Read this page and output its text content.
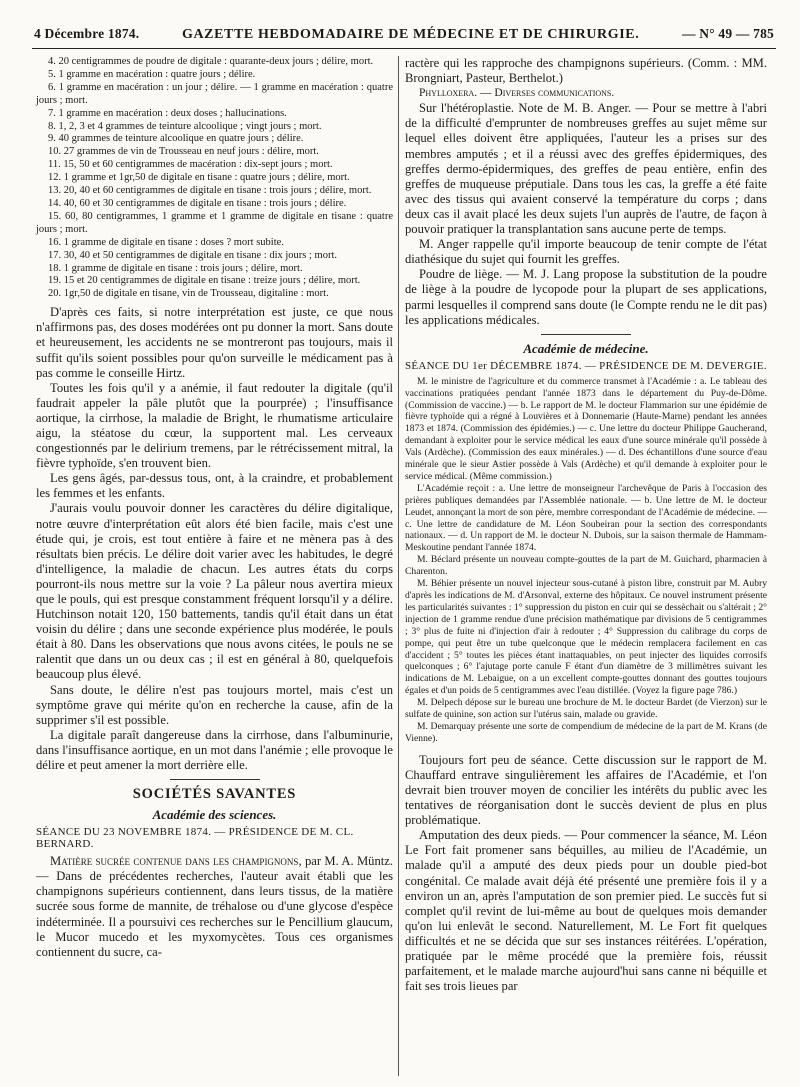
4 Décembre 1874.	GAZETTE HEBDOMADAIRE DE MÉDECINE ET DE CHIRURGIE.	— N° 49 — 785

4. 20 centigrammes de poudre de digitale : quarante-deux jours ; délire, mort.

5. 1 gramme en macération : quatre jours ; délire.

6. 1 gramme en macération : un jour ; délire. — 1 gramme en macération : quatre jours ; mort.

7. 1 gramme en macération : deux doses ; hallucinations.

8. 1, 2, 3 et 4 grammes de teinture alcoolique ; vingt jours ; mort.

9. 40 grammes de teinture alcoolique en quatre jours ; délire.

10. 27 grammes de vin de Trousseau en neuf jours : délire, mort.

11. 15, 50 et 60 centigrammes de macération : dix-sept jours ; mort.

12. 1 gramme et 1gr,50 de digitale en tisane : quatre jours ; délire, mort.

13. 20, 40 et 60 centigrammes de digitale en tisane : trois jours ; délire, mort.

14. 40, 60 et 30 centigrammes de digitale en tisane : trois jours ; délire.

15. 60, 80 centigrammes, 1 gramme et 1 gramme de digitale en tisane : quatre jours ; mort.

16. 1 gramme de digitale en tisane : doses ? mort subite.

17. 30, 40 et 50 centigrammes de digitale en tisane : dix jours ; mort.

18. 1 gramme de digitale en tisane : trois jours ; délire, mort.

19. 15 et 20 centigrammes de digitale en tisane : treize jours ; délire, mort.

20. 1gr,50 de digitale en tisane, vin de Trousseau, digitaline : mort.

D'après ces faits, si notre interprétation est juste, ce que nous n'affirmons pas, des doses modérées ont pu donner la mort. Sans doute et heureusement, les accidents ne se montreront pas toujours, mais il suffit qu'ils soient possibles pour qu'on surveille le médicament pas à pas comme le conseille Hirtz.

Toutes les fois qu'il y a anémie, il faut redouter la digitale (qu'il faudrait appeler la pâle plutôt que la pourprée) ; l'insuffisance aortique, la cirrhose, la maladie de Bright, le rhumatisme articulaire aigu, la stéatose du cœur, la supportent mal. Les cerveaux congestionnés par le delirium tremens, par le rétrécissement mitral, la fièvre typhoïde, s'en trouvent bien.

Les gens âgés, par-dessus tous, ont, à la craindre, et probablement les femmes et les enfants.

J'aurais voulu pouvoir donner les caractères du délire digitalique, notre œuvre d'interprétation eût alors été bien facile, mais c'est une étude qui, je crois, est tout entière à faire et ne mènera pas à des résultats bien précis. Le délire doit varier avec les habitudes, le degré d'intelligence, la maladie de chacun. Les autres états du corps pourront-ils nous mettre sur la voie ? La pâleur nous avertira mieux que le pouls, qui est presque constamment fréquent lorsqu'il y a délire. Hutchinson notait 120, 150 battements, tandis qu'il était dans un état voisin du délire ; dans une seconde expérience plus modérée, le pouls était à 80. Dans les observations que nous avons citées, le pouls ne se ralentit que dans un ou deux cas ; il est en général à 80, quelquefois beaucoup plus élevé.

Sans doute, le délire n'est pas toujours mortel, mais c'est un symptôme grave qui mérite qu'on en recherche la cause, afin de la supprimer s'il est possible.

La digitale paraît dangereuse dans la cirrhose, dans l'albuminurie, dans l'insuffisance aortique, en un mot dans l'anémie ; elle provoque le délire et peut amener la mort derrière elle.

SOCIÉTÉS SAVANTES
Académie des sciences.
SÉANCE DU 23 NOVEMBRE 1874. — PRÉSIDENCE DE M. CL. BERNARD.

Matière sucrée contenue dans les champignons, par M. A. Müntz. — Dans de précédentes recherches, l'auteur avait établi que les champignons supérieurs contiennent, dans leurs tissus, de la matière sucrée sous forme de mannite, de tréhalose ou d'une glycose d'espèce indéterminée. Il a poursuivi ces recherches sur le Pencillium glaucum, le Mucor mucedo et les myxomycètes. Tous ces organismes contiennent du sucre, ca-

ractère qui les rapproche des champignons supérieurs. (Comm. : MM. Brongniart, Pasteur, Berthelot.)

Phylloxera. — Diverses communications.

Sur l'hétéroplastie. Note de M. B. Anger. — Pour se mettre à l'abri de la difficulté d'emprunter de nombreuses greffes au sujet même sur lequel elles doivent être appliquées, l'auteur les a prises sur des membres amputés ; et il a réussi avec des greffes épidermiques, des greffes dermo-épidermiques, des greffes de peau entière, enfin des greffes de muqueuse préputiale. Dans tous les cas, la greffe a été faite avec des tissus qui avaient conservé la température du corps ; dans deux cas il avait placé les deux sujets l'un auprès de l'autre, de façon à pouvoir pratiquer la transplantation sans aucune perte de temps.

M. Anger rappelle qu'il importe beaucoup de tenir compte de l'état diathésique du sujet qui fournit les greffes.

Poudre de liège. — M. J. Lang propose la substitution de la poudre de liège à la poudre de lycopode pour la plupart de ses applications, parmi lesquelles il comprend sans doute (le Compte rendu ne le dit pas) les applications médicales.

Académie de médecine.
SÉANCE DU 1er DÉCEMBRE 1874. — PRÉSIDENCE DE M. DEVERGIE.

M. le ministre de l'agriculture et du commerce transmet à l'Académie : a. Le tableau des vaccinations pratiquées pendant l'année 1873 dans le département du Puy-de-Dôme. (Commission de vaccine.) — b. Le rapport de M. le docteur Flammarion sur une épidémie de fièvre typhoïde qui a régné à Louvières et à Donnemarie (Haute-Marne) pendant les années 1873 et 1874. (Commission des épidémies.) — c. Une lettre du docteur Philippe Gaucherand, demandant à exploiter pour le service médical les eaux d'une source minérale qu'il possède à Vals (Ardèche). (Commission des eaux minérales.) — d. Des échantillons d'une source d'eau minérale que le sieur Astier possède à Vals (Ardèche) et qu'il demande à exploiter pour le service médical. (Même commission.)

L'Académie reçoit : a. Une lettre de monseigneur l'archevêque de Paris à l'occasion des prières publiques demandées par l'Assemblée nationale. — b. Une lettre de M. le docteur Leudet, annonçant la mort de son père, membre correspondant de l'Académie de médecine. — c. Une lettre de candidature de M. Léon Soubeiran pour la section des correspondants nationaux. — d. Un rapport de M. le docteur N. Dubois, sur la saison thermale de Hammam-Meskoutine pendant l'année 1874.

M. Béclard présente un nouveau compte-gouttes de la part de M. Guichard, pharmacien à Charenton.

M. Béhier présente un nouvel injecteur sous-cutané à piston libre, construit par M. Aubry d'après les indications de M. d'Arsonval, externe des hôpitaux. Ce nouvel instrument présente les particularités suivantes : 1° suppression du piston en cuir qui se dessèchait ou s'altérait ; 2° injection de 1 gramme rendue d'une précision mathématique par divisions de 5 centigrammes ; 3° plus de fuite ni d'injection d'air à redouter ; 4° Suppression du calibrage du corps de pompe, qui peut être un tube quelconque que le médecin remplacera facilement en cas d'accident ; 5° toutes les pièces étant inattaquables, on peut injecter des liquides corrosifs quelconques ; 6° l'ajutage porte canule F étant d'un diamètre de 3 millimètres suivant les indications de M. Lebaigue, on a un excellent compte-gouttes donnant des gouttes toujours égales et d'un poids de 5 centigrammes avec l'eau distillée. (Voyez la figure page 786.)

M. Delpech dépose sur le bureau une brochure de M. le docteur Bardet (de Vierzon) sur le sulfate de quinine, son action sur l'utérus sain, malade ou gravide.

M. Demarquay présente une sorte de compendium de médecine de la part de M. Krans (de Vienne).

Toujours fort peu de séance. Cette discussion sur le rapport de M. Chauffard entrave singulièrement les affaires de l'Académie, et l'on devrait bien trouver moyen de concilier les intérêts du public avec les tentatives de réorganisation dont le succès devient de plus en plus problématique.

Amputation des deux pieds. — Pour commencer la séance, M. Léon Le Fort fait promener sans béquilles, au milieu de l'Académie, un malade qu'il a amputé des deux pieds pour un double pied-bot congénital. Ce malade avait déjà été présenté une première fois il y a environ un an, après l'amputation de son premier pied. Le succès fut si complet qu'il revint de lui-même au bout de quelques mois demander qu'on lui enlevât le second. Naturellement, M. Le Fort fit quelques difficultés et ne se décida que sur ses instances réitérées. L'opération, pratiquée par le même procédé que la première fois, réussit parfaitement, et le malade marche aujourd'hui sans canne ni béquille et fait ses trois lieues par
